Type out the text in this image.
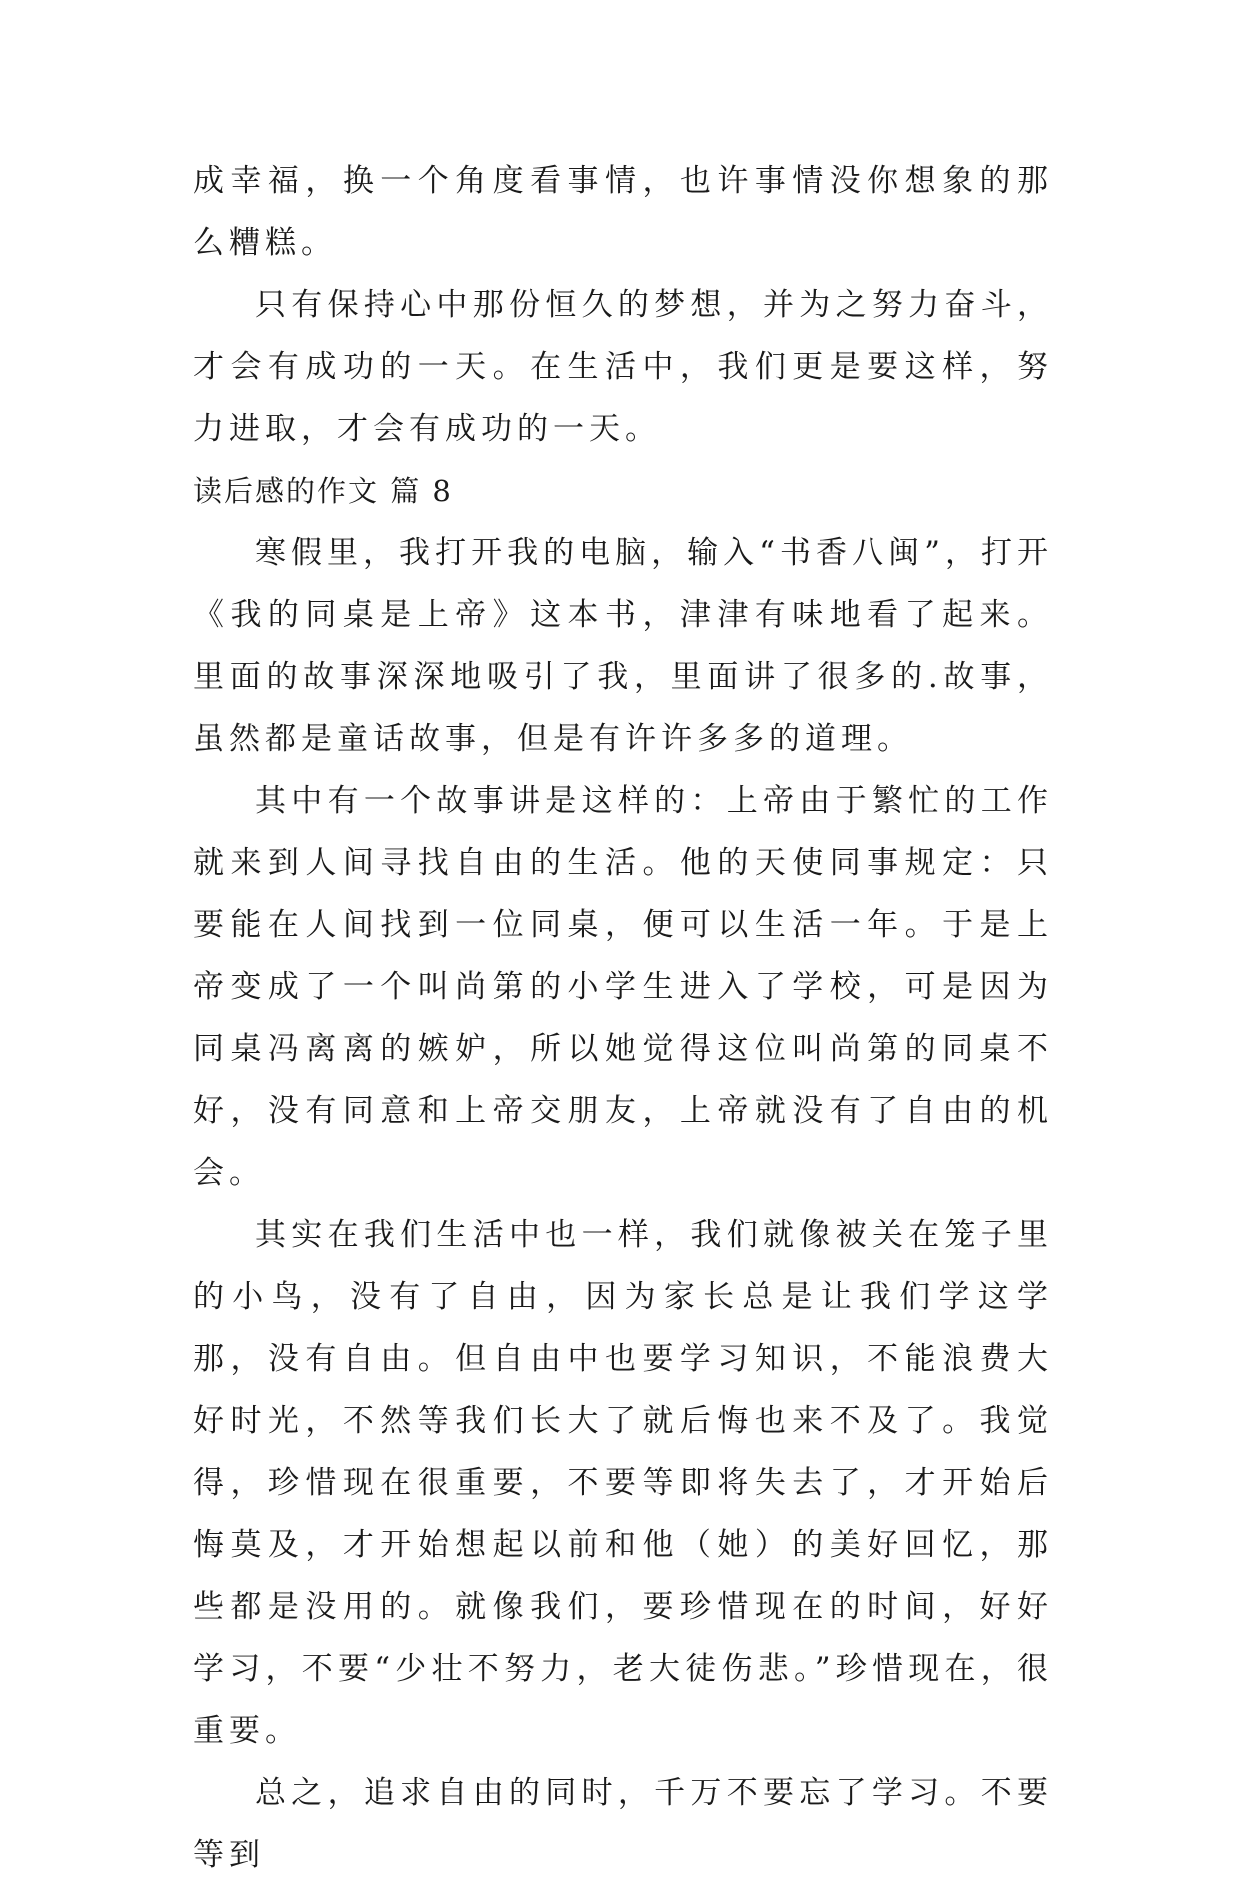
成幸福，换一个角度看事情，也许事情没你想象的那么糟糕。

只有保持心中那份恒久的梦想，并为之努力奋斗，才会有成功的一天。在生活中，我们更是要这样，努力进取，才会有成功的一天。

读后感的作文 篇 8

寒假里，我打开我的电脑，输入“书香八闽”，打开《我的同桌是上帝》这本书，津津有味地看了起来。里面的故事深深地吸引了我，里面讲了很多的.故事，虽然都是童话故事，但是有许许多多的道理。

其中有一个故事讲是这样的：上帝由于繁忙的工作就来到人间寻找自由的生活。他的天使同事规定：只要能在人间找到一位同桌，便可以生活一年。于是上帝变成了一个叫尚第的小学生进入了学校，可是因为同桌冯离离的嫉妒，所以她觉得这位叫尚第的同桌不好，没有同意和上帝交朋友，上帝就没有了自由的机会。

其实在我们生活中也一样，我们就像被关在笼子里的小鸟，没有了自由，因为家长总是让我们学这学那，没有自由。但自由中也要学习知识，不能浪费大好时光，不然等我们长大了就后悔也来不及了。我觉得，珍惜现在很重要，不要等即将失去了，才开始后悔莫及，才开始想起以前和他（她）的美好回忆，那些都是没用的。就像我们，要珍惜现在的时间，好好学习，不要“少壮不努力，老大徒伤悲。”珍惜现在，很重要。

总之，追求自由的同时，千万不要忘了学习。不要等到
